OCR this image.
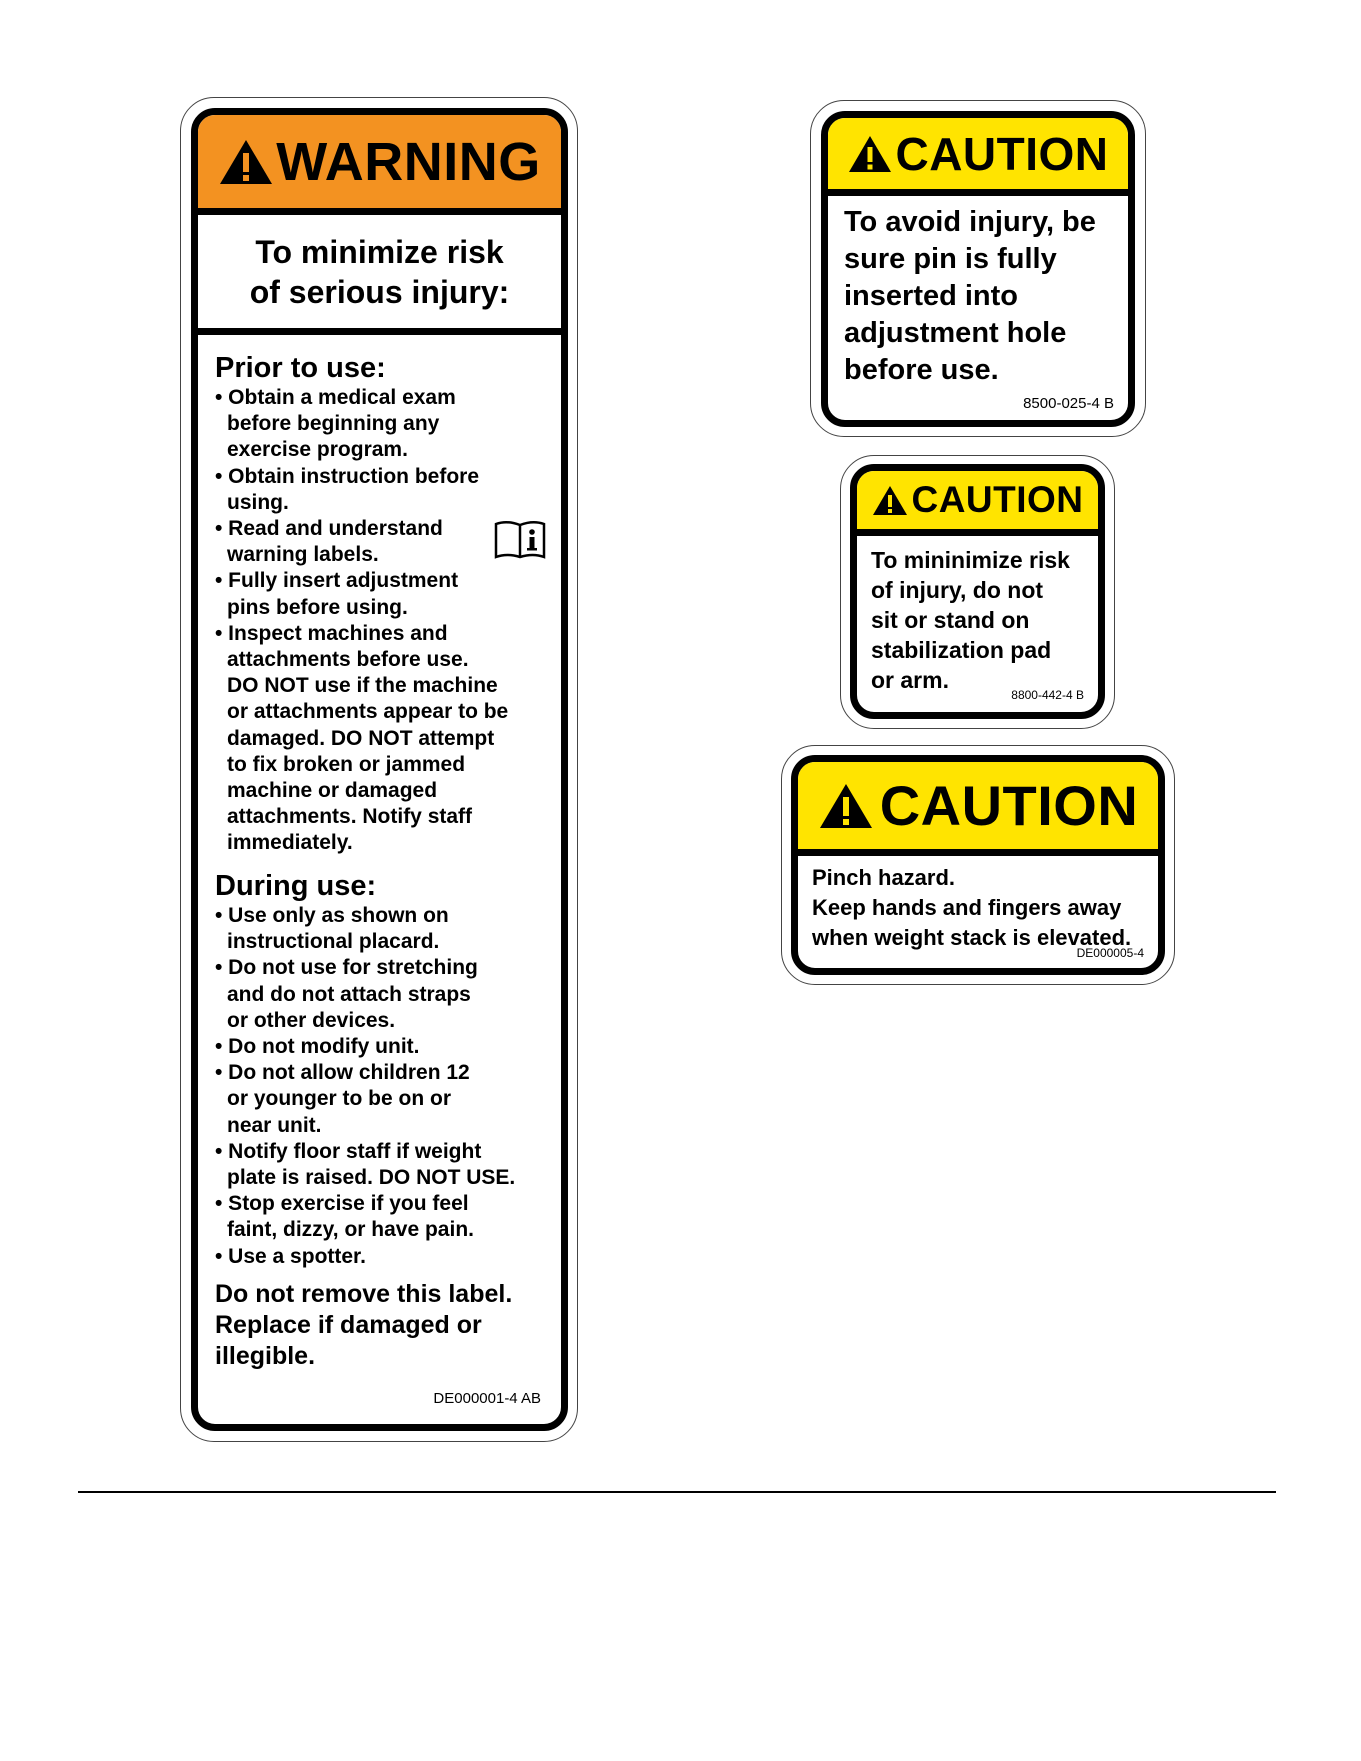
WARNING
To minimize risk
of serious injury:
Prior to use:
• Obtain a medical exam
before beginning any
exercise program.
• Obtain instruction before
using.
• Read and understand
warning labels.
• Fully insert adjustment
pins before using.
• Inspect machines and
attachments before use.
DO NOT use if the machine
or attachments appear to be
damaged. DO NOT attempt
to fix broken or jammed
machine or damaged
attachments. Notify staff
immediately.
During use:
• Use only as shown on
instructional placard.
• Do not use for stretching
and do not attach straps
or other devices.
• Do not modify unit.
• Do not allow children 12
or younger to be on or
near unit.
• Notify floor staff if weight
plate is raised. DO NOT USE.
• Stop exercise if you feel
faint, dizzy, or have pain.
• Use a spotter.
Do not remove this label.
Replace if damaged or
illegible.
DE000001-4 AB
CAUTION
To avoid injury, be
sure pin is fully
inserted into
adjustment hole
before use.
8500-025-4 B
CAUTION
To mininimize risk
of injury, do not
sit or stand on
stabilization pad
or arm.
8800-442-4 B
CAUTION
Pinch hazard.
Keep hands and fingers away
when weight stack is elevated.
DE000005-4
